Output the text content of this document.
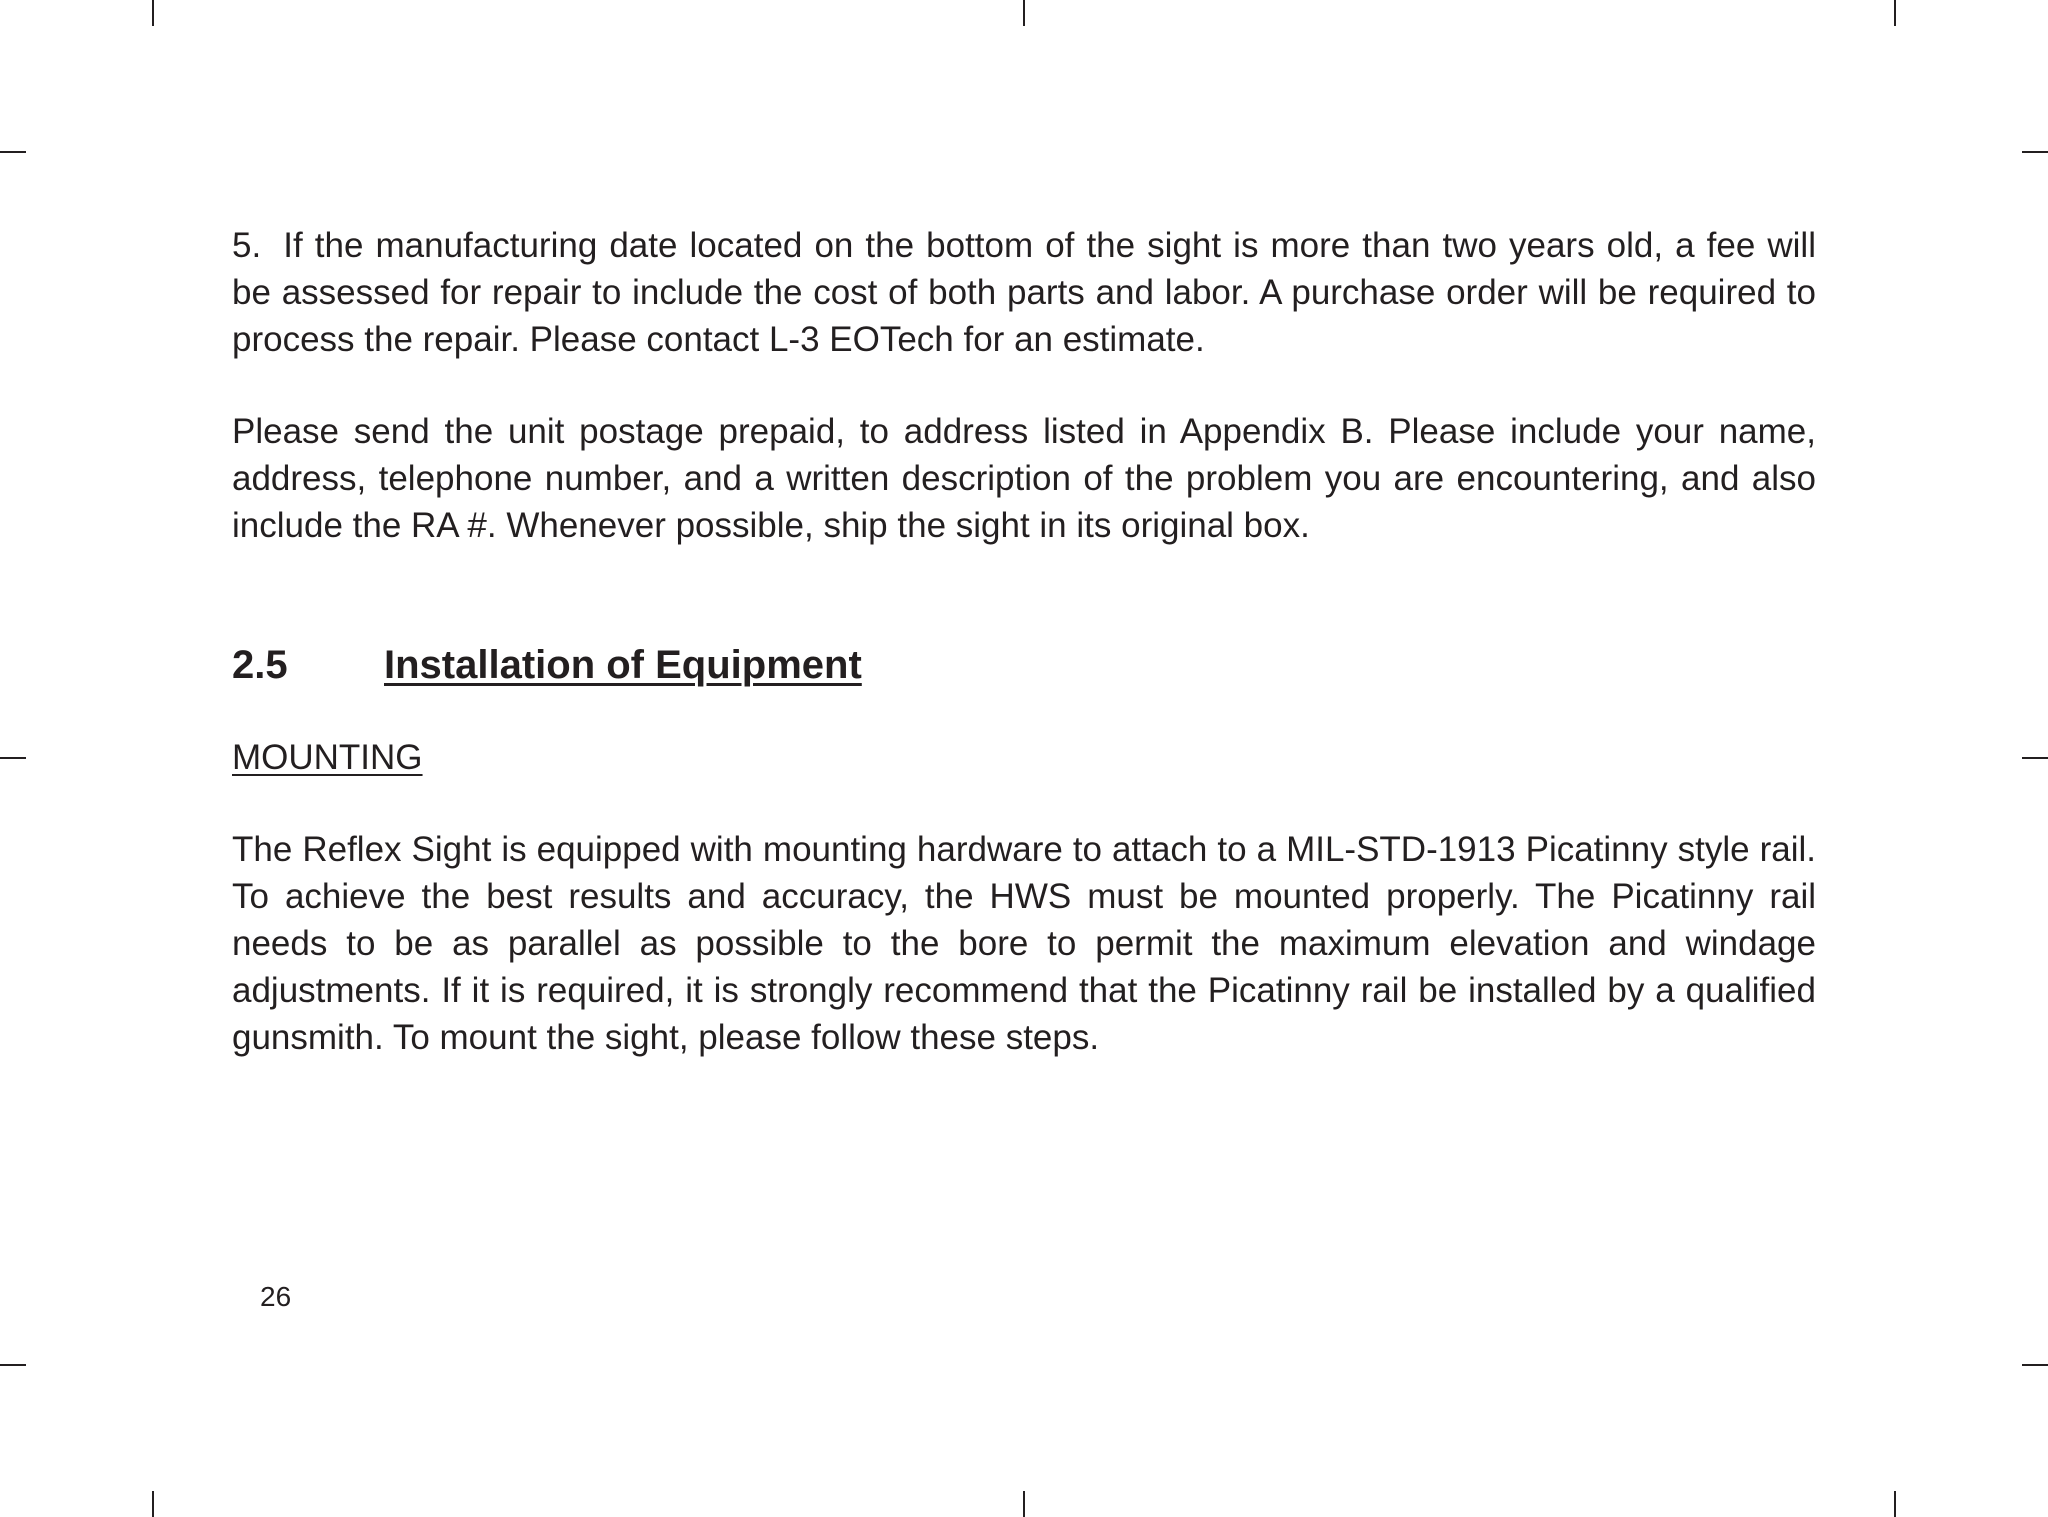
5. If the manufacturing date located on the bottom of the sight is more than two years old, a fee will be assessed for repair to include the cost of both parts and labor. A purchase order will be required to process the repair. Please contact L-3 EOTech for an estimate.

Please send the unit postage prepaid, to address listed in Appendix B. Please include your name, address, telephone number, and a written description of the problem you are encountering, and also include the RA #. Whenever possible, ship the sight in its original box.

2.5	Installation of Equipment

MOUNTING

The Reflex Sight is equipped with mounting hardware to attach to a MIL-STD-1913 Picatinny style rail. To achieve the best results and accuracy, the HWS must be mounted properly. The Picatinny rail needs to be as parallel as possible to the bore to permit the maximum elevation and windage adjustments. If it is required, it is strongly recommend that the Picatinny rail be installed by a qualified gunsmith. To mount the sight, please follow these steps.

26
